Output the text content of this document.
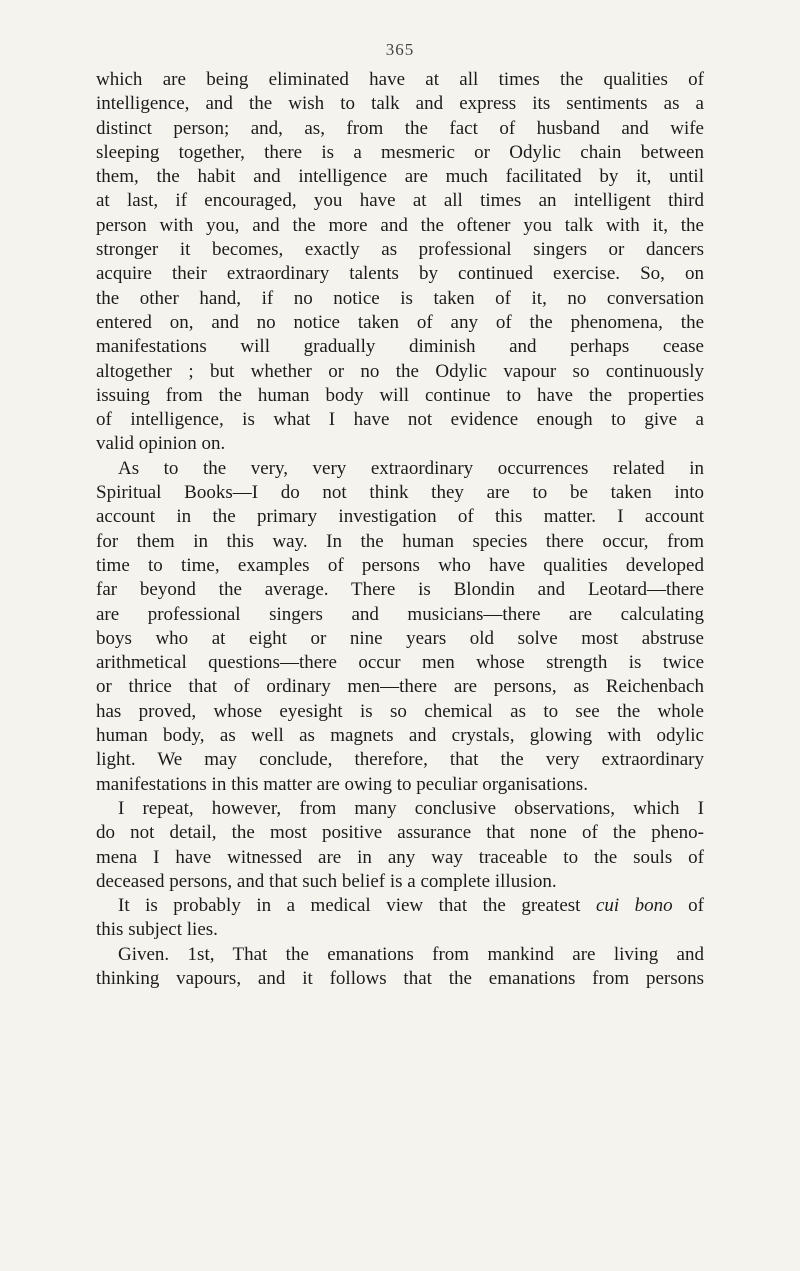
365
which are being eliminated have at all times the qualities of
intelligence, and the wish to talk and express its sentiments as a
distinct person; and, as, from the fact of husband and wife
sleeping together, there is a mesmeric or Odylic chain between
them, the habit and intelligence are much facilitated by it, until
at last, if encouraged, you have at all times an intelligent third
person with you, and the more and the oftener you talk with it, the
stronger it becomes, exactly as professional singers or dancers
acquire their extraordinary talents by continued exercise. So, on
the other hand, if no notice is taken of it, no conversation
entered on, and no notice taken of any of the phenomena, the
manifestations will gradually diminish and perhaps cease
altogether ; but whether or no the Odylic vapour so continuously
issuing from the human body will continue to have the properties
of intelligence, is what I have not evidence enough to give a
valid opinion on.
As to the very, very extraordinary occurrences related in
Spiritual Books—I do not think they are to be taken into
account in the primary investigation of this matter. I account
for them in this way. In the human species there occur, from
time to time, examples of persons who have qualities developed
far beyond the average. There is Blondin and Leotard—there
are professional singers and musicians—there are calculating
boys who at eight or nine years old solve most abstruse
arithmetical questions—there occur men whose strength is twice
or thrice that of ordinary men—there are persons, as Reichenbach
has proved, whose eyesight is so chemical as to see the whole
human body, as well as magnets and crystals, glowing with odylic
light. We may conclude, therefore, that the very extraordinary
manifestations in this matter are owing to peculiar organisations.
I repeat, however, from many conclusive observations, which I
do not detail, the most positive assurance that none of the pheno-
mena I have witnessed are in any way traceable to the souls of
deceased persons, and that such belief is a complete illusion.
It is probably in a medical view that the greatest cui bono of
this subject lies.
Given. 1st, That the emanations from mankind are living and
thinking vapours, and it follows that the emanations from persons
